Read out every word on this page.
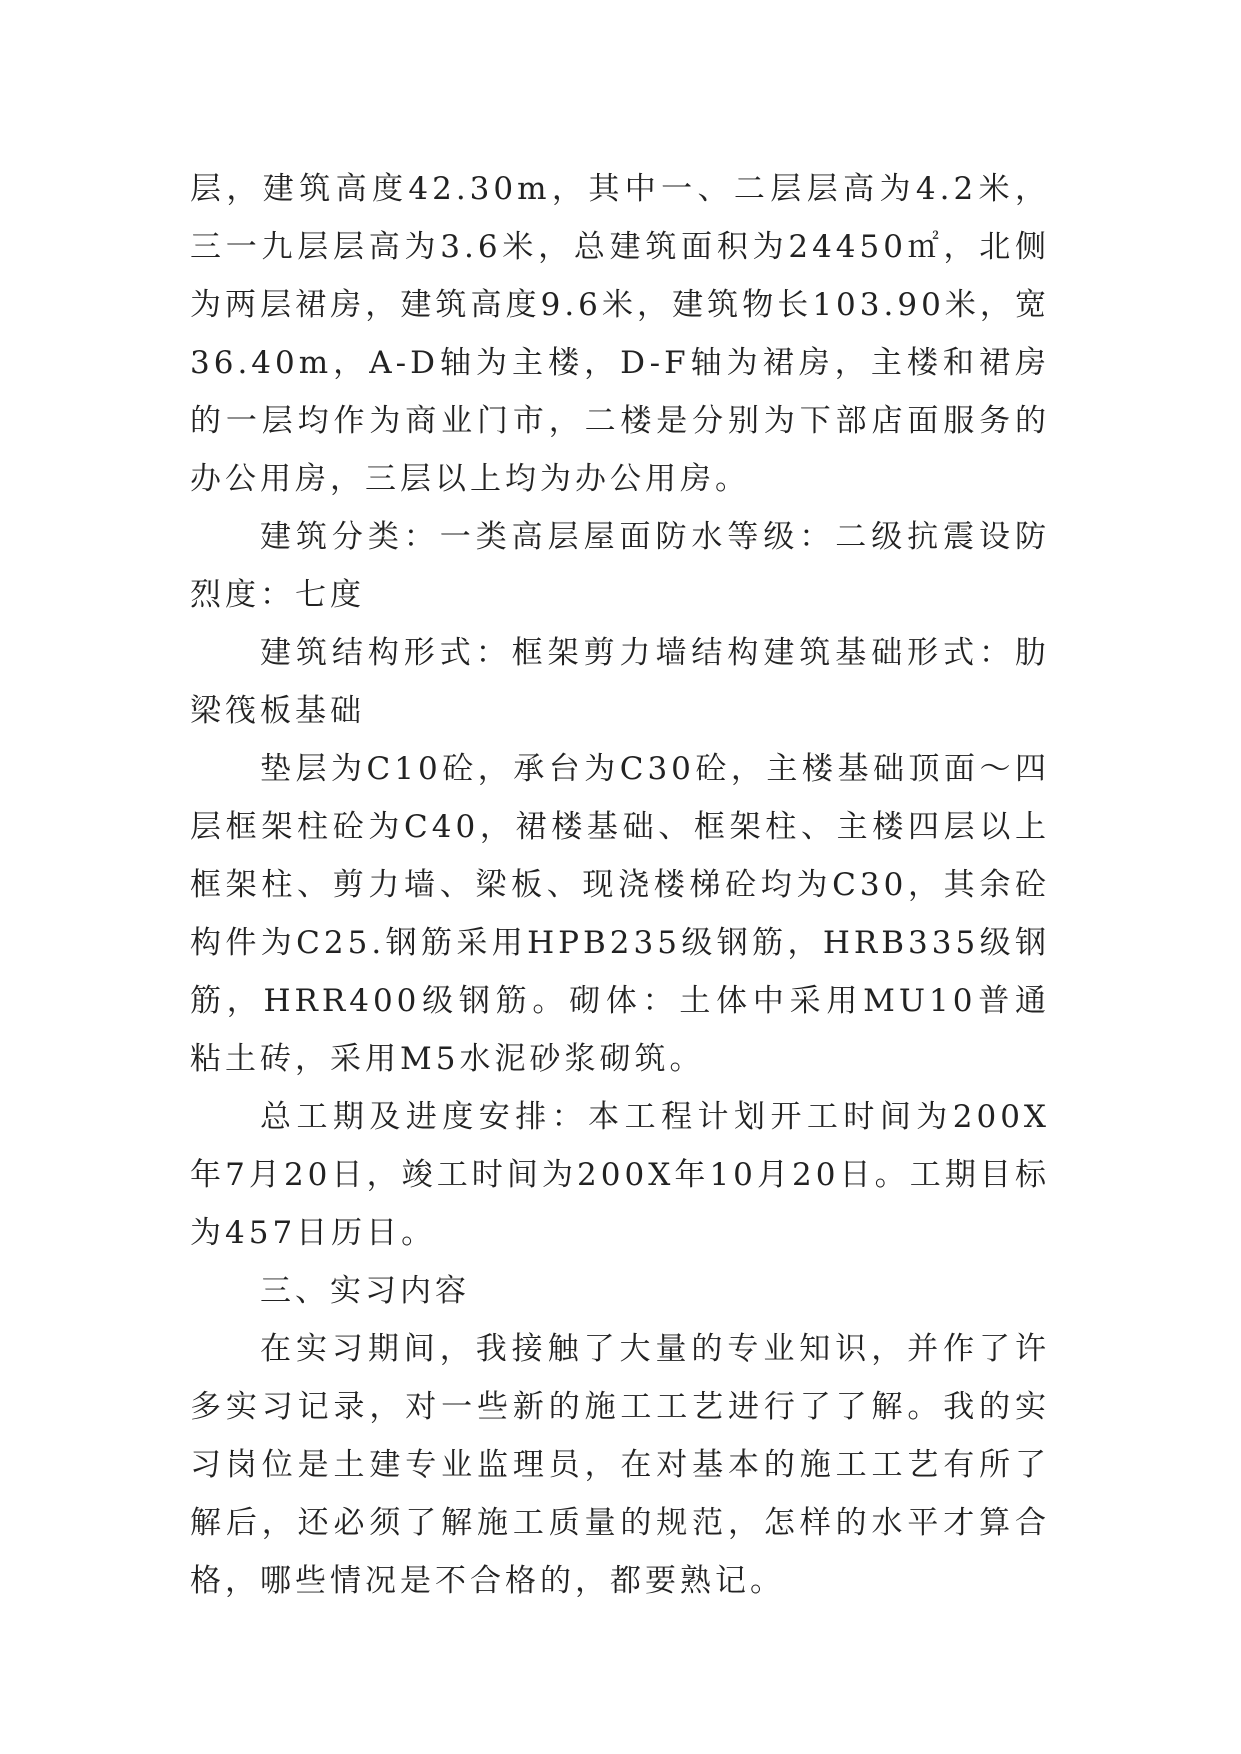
层，建筑高度42.30m，其中一、二层层高为4.2米，三一九层层高为3.6米，总建筑面积为24450㎡，北侧为两层裙房，建筑高度9.6米，建筑物长103.90米，宽36.40m，A-D轴为主楼，D-F轴为裙房，主楼和裙房的一层均作为商业门市，二楼是分别为下部店面服务的办公用房，三层以上均为办公用房。

建筑分类：一类高层屋面防水等级：二级抗震设防烈度：七度

建筑结构形式：框架剪力墙结构建筑基础形式：肋梁筏板基础

垫层为C10砼，承台为C30砼，主楼基础顶面～四层框架柱砼为C40，裙楼基础、框架柱、主楼四层以上框架柱、剪力墙、梁板、现浇楼梯砼均为C30，其余砼构件为C25.钢筋采用HPB235级钢筋，HRB335级钢筋，HRR400级钢筋。砌体：土体中采用MU10普通粘土砖，采用M5水泥砂浆砌筑。

总工期及进度安排：本工程计划开工时间为200X年7月20日，竣工时间为200X年10月20日。工期目标为457日历日。

三、实习内容

在实习期间，我接触了大量的专业知识，并作了许多实习记录，对一些新的施工工艺进行了了解。我的实习岗位是土建专业监理员，在对基本的施工工艺有所了解后，还必须了解施工质量的规范，怎样的水平才算合格，哪些情况是不合格的，都要熟记。
